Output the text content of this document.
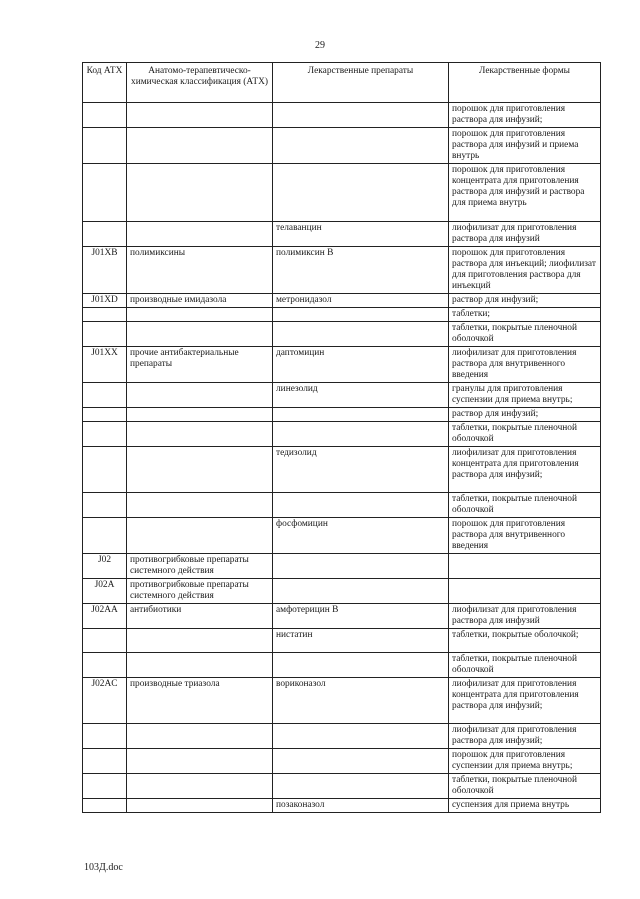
29
Код АТХ	Анатомо-терапевтическо-химическая классификация (АТХ)	Лекарственные препараты	Лекарственные формы
			порошок для приготовления раствора для инфузий;
			порошок для приготовления раствора для инфузий и приема внутрь
			порошок для приготовления концентрата для приготовления раствора для инфузий и раствора для приема внутрь
		телаванцин	лиофилизат для приготовления раствора для инфузий
J01XB	полимиксины	полимиксин В	порошок для приготовления раствора для инъекций; лиофилизат для приготовления раствора для инъекций
J01XD	производные имидазола	метронидазол	раствор для инфузий;
			таблетки;
			таблетки, покрытые пленочной оболочкой
J01XX	прочие антибактериальные препараты	даптомицин	лиофилизат для приготовления раствора для внутривенного введения
		линезолид	гранулы для приготовления суспензии для приема внутрь;
			раствор для инфузий;
			таблетки, покрытые пленочной оболочкой
		тедизолид	лиофилизат для приготовления концентрата для приготовления раствора для инфузий;
			таблетки, покрытые пленочной оболочкой
		фосфомицин	порошок для приготовления раствора для внутривенного введения
J02	противогрибковые препараты системного действия		
J02A	противогрибковые препараты системного действия		
J02AA	антибиотики	амфотерицин В	лиофилизат для приготовления раствора для инфузий
		нистатин	таблетки, покрытые оболочкой;
			таблетки, покрытые пленочной оболочкой
J02AC	производные триазола	вориконазол	лиофилизат для приготовления концентрата для приготовления раствора для инфузий;
			лиофилизат для приготовления раствора для инфузий;
			порошок для приготовления суспензии для приема внутрь;
			таблетки, покрытые пленочной оболочкой
		позаконазол	суспензия для приема внутрь
103Д.doc
